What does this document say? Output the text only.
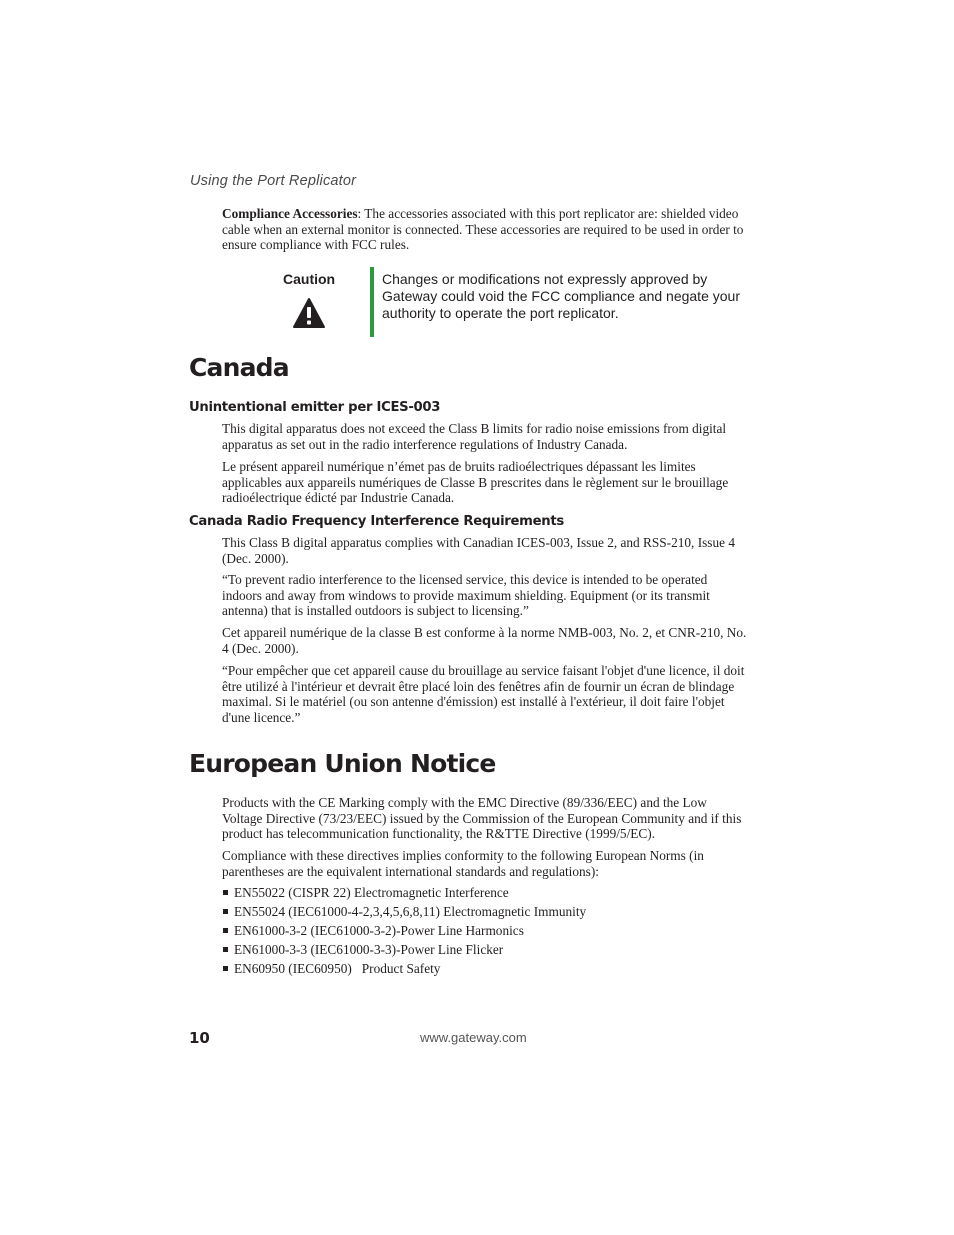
Using the Port Replicator

Compliance Accessories: The accessories associated with this port replicator are: shielded video cable when an external monitor is connected. These accessories are required to be used in order to ensure compliance with FCC rules.

Caution	Changes or modifications not expressly approved by Gateway could void the FCC compliance and negate your authority to operate the port replicator.
Canada
Unintentional emitter per ICES-003

This digital apparatus does not exceed the Class B limits for radio noise emissions from digital apparatus as set out in the radio interference regulations of Industry Canada.

Le présent appareil numérique n’émet pas de bruits radioélectriques dépassant les limites applicables aux appareils numériques de Classe B prescrites dans le règlement sur le brouillage radioélectrique édicté par Industrie Canada.

Canada Radio Frequency Interference Requirements

This Class B digital apparatus complies with Canadian ICES-003, Issue 2, and RSS-210, Issue 4 (Dec. 2000).

“To prevent radio interference to the licensed service, this device is intended to be operated indoors and away from windows to provide maximum shielding. Equipment (or its transmit antenna) that is installed outdoors is subject to licensing.”

Cet appareil numérique de la classe B est conforme à la norme NMB-003, No. 2, et CNR-210, No. 4 (Dec. 2000).

“Pour empêcher que cet appareil cause du brouillage au service faisant l'objet d'une licence, il doit être utilizé à l'intérieur et devrait être placé loin des fenêtres afin de fournir un écran de blindage maximal. Si le matériel (ou son antenne d'émission) est installé à l'extérieur, il doit faire l'objet d'une licence.”

European Union Notice

Products with the CE Marking comply with the EMC Directive (89/336/EEC) and the Low Voltage Directive (73/23/EEC) issued by the Commission of the European Community and if this product has telecommunication functionality, the R&TTE Directive (1999/5/EC).

Compliance with these directives implies conformity to the following European Norms (in parentheses are the equivalent international standards and regulations):

EN55022 (CISPR 22) Electromagnetic Interference
EN55024 (IEC61000-4-2,3,4,5,6,8,11) Electromagnetic Immunity
EN61000-3-2 (IEC61000-3-2)-Power Line Harmonics
EN61000-3-3 (IEC61000-3-3)-Power Line Flicker
EN60950 (IEC60950)   Product Safety
10	www.gateway.com
